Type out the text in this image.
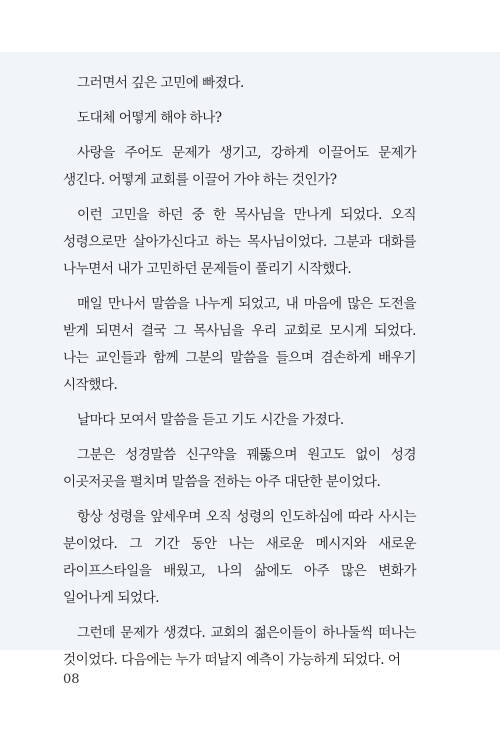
그러면서 깊은 고민에 빠졌다.

도대체 어떻게 해야 하나?

사랑을 주어도 문제가 생기고, 강하게 이끌어도 문제가 생긴다. 어떻게 교회를 이끌어 가야 하는 것인가?

이런 고민을 하던 중 한 목사님을 만나게 되었다. 오직 성령으로만 살아가신다고 하는 목사님이었다. 그분과 대화를 나누면서 내가 고민하던 문제들이 풀리기 시작했다.

매일 만나서 말씀을 나누게 되었고, 내 마음에 많은 도전을 받게 되면서 결국 그 목사님을 우리 교회로 모시게 되었다. 나는 교인들과 함께 그분의 말씀을 들으며 겸손하게 배우기 시작했다.

날마다 모여서 말씀을 듣고 기도 시간을 가졌다.

그분은 성경말씀 신구약을 꿰뚫으며 원고도 없이 성경 이곳저곳을 펼치며 말씀을 전하는 아주 대단한 분이었다.

항상 성령을 앞세우며 오직 성령의 인도하심에 따라 사시는 분이었다. 그 기간 동안 나는 새로운 메시지와 새로운 라이프스타일을 배웠고, 나의 삶에도 아주 많은 변화가 일어나게 되었다.

그런데 문제가 생겼다. 교회의 젊은이들이 하나둘씩 떠나는 것이었다. 다음에는 누가 떠날지 예측이 가능하게 되었다. 어

08
